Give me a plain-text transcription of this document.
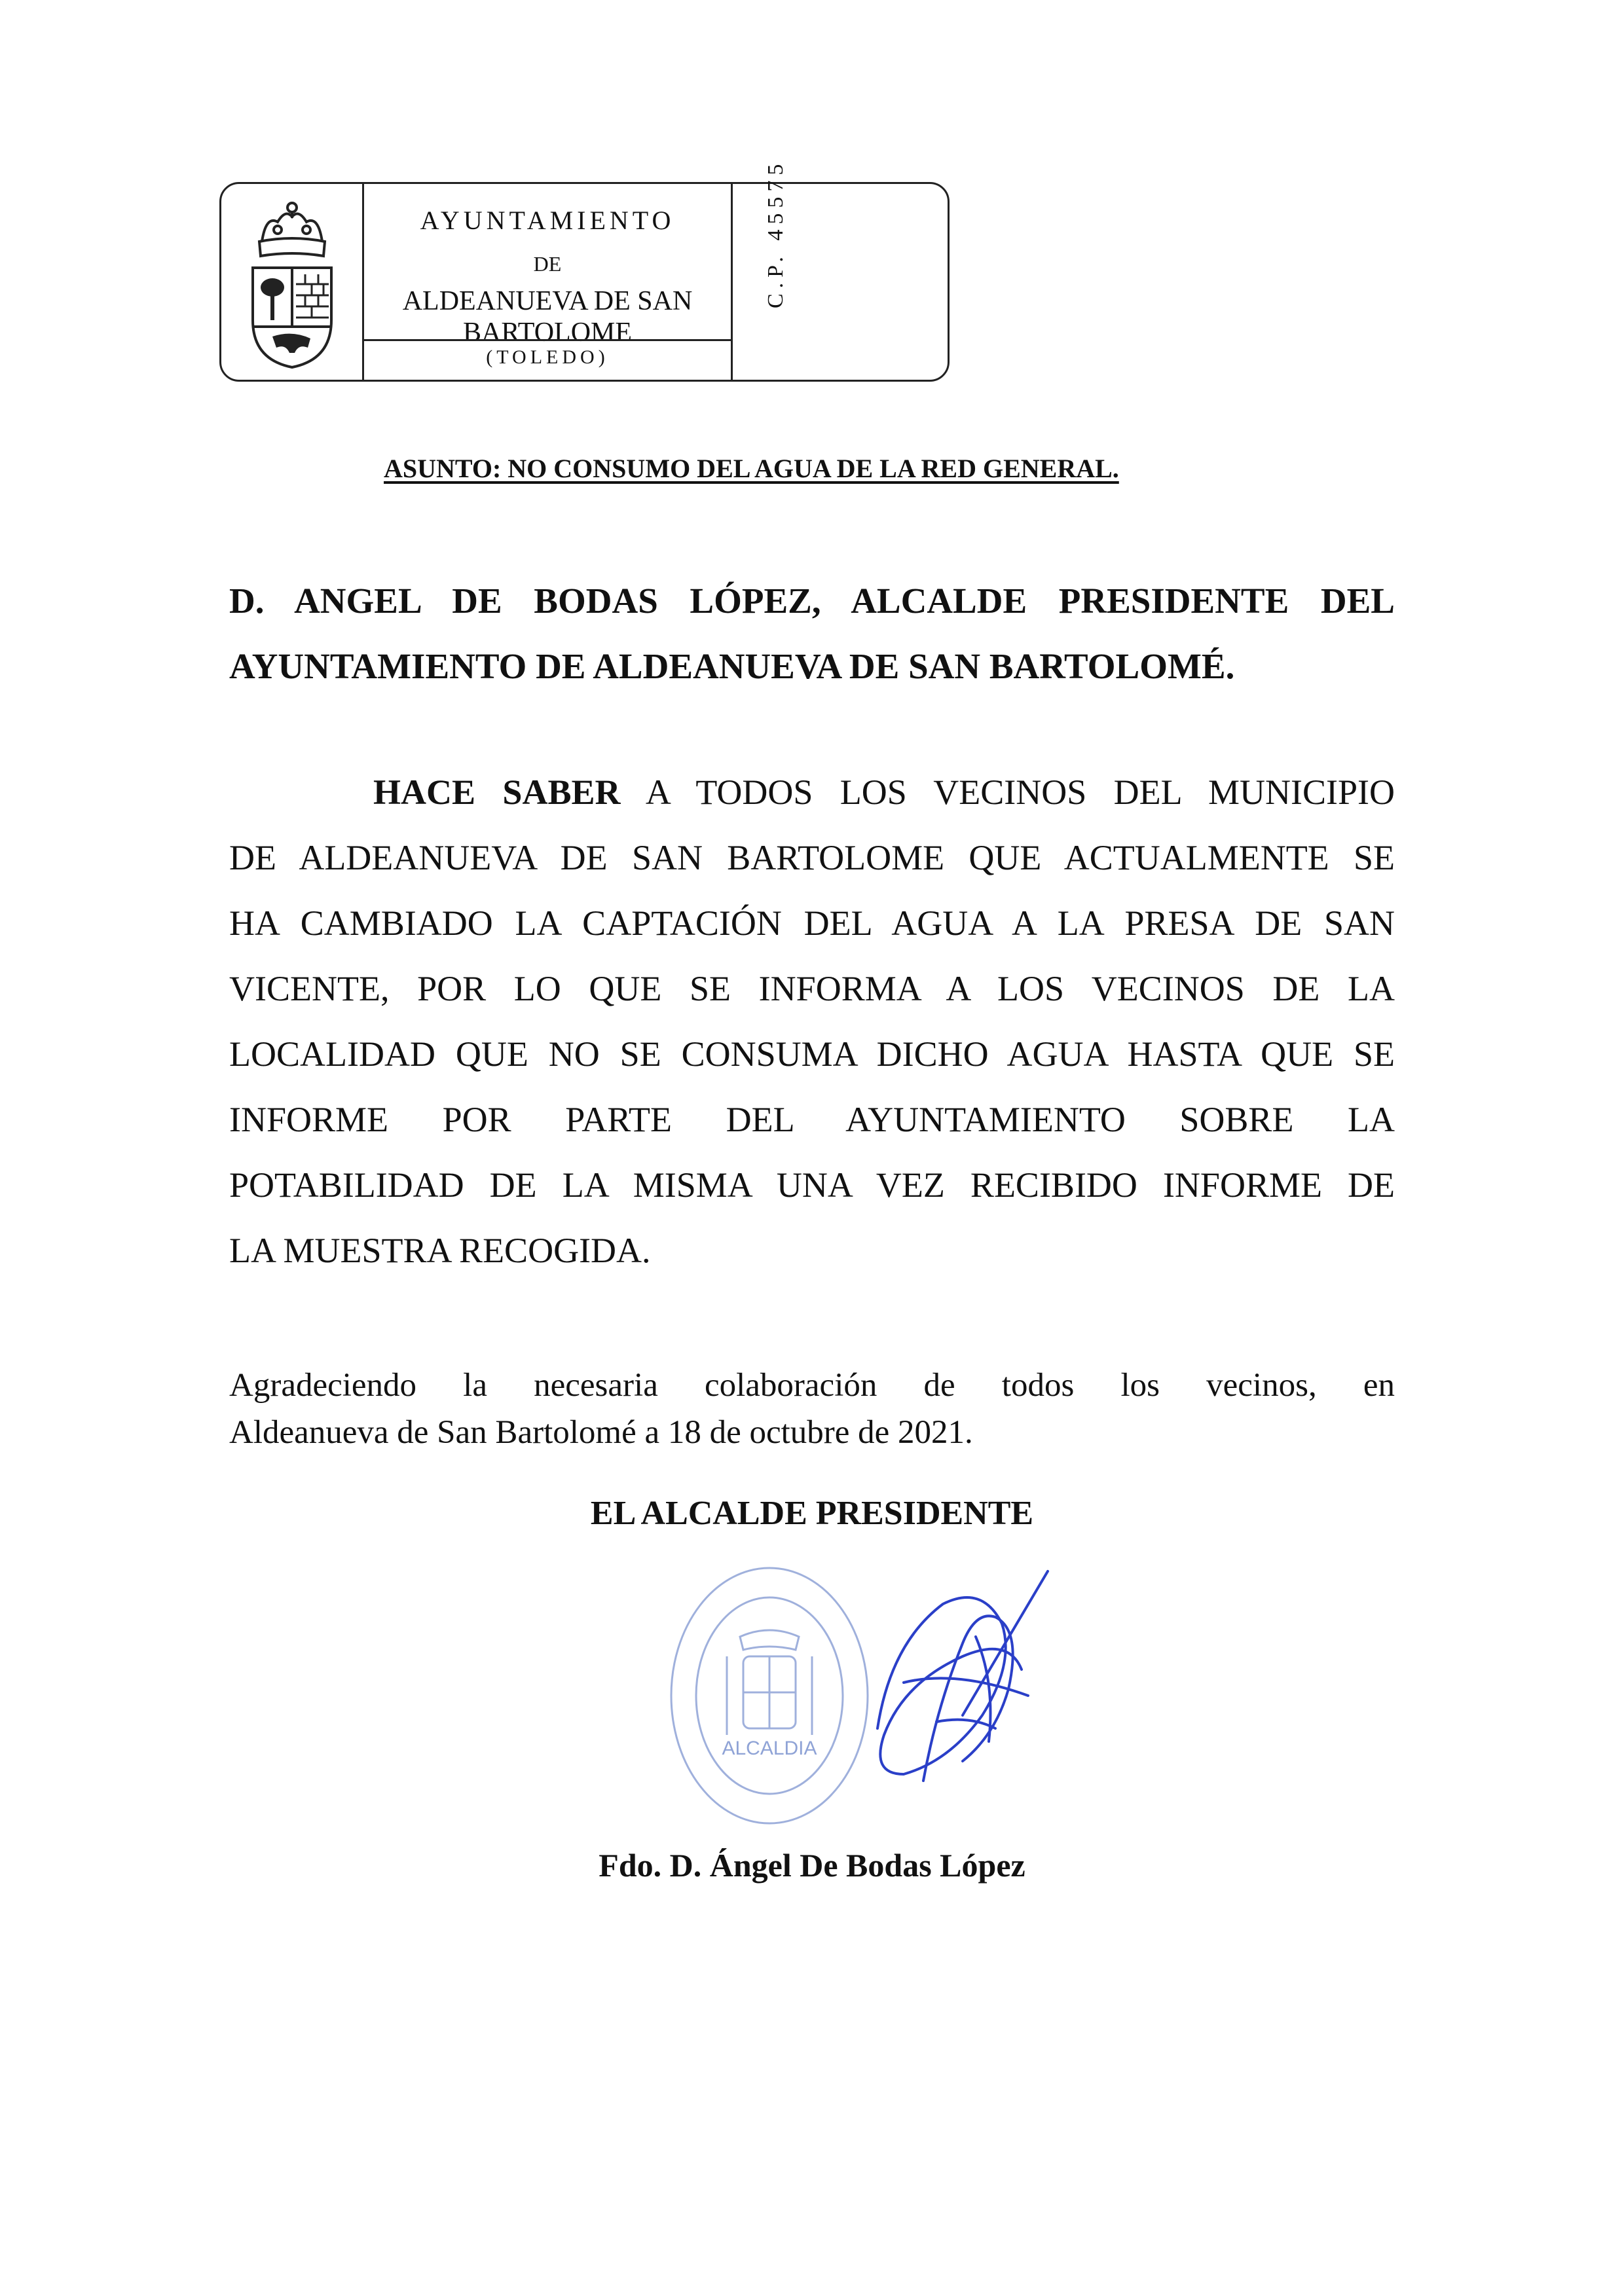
AYUNTAMIENTO
DE
ALDEANUEVA DE SAN BARTOLOME
(TOLEDO)
C.P. 45575
ASUNTO: NO CONSUMO DEL AGUA DE LA RED GENERAL.
D. ANGEL DE BODAS LÓPEZ, ALCALDE PRESIDENTE DEL
AYUNTAMIENTO DE ALDEANUEVA DE SAN BARTOLOMÉ.
HACE SABER A TODOS LOS VECINOS DEL MUNICIPIO
DE ALDEANUEVA DE SAN BARTOLOME QUE ACTUALMENTE SE
HA CAMBIADO LA CAPTACIÓN DEL AGUA A LA PRESA DE SAN
VICENTE, POR LO QUE SE INFORMA A LOS VECINOS DE LA
LOCALIDAD QUE NO SE CONSUMA DICHO AGUA HASTA QUE SE
INFORME POR PARTE DEL AYUNTAMIENTO SOBRE LA
POTABILIDAD DE LA MISMA UNA VEZ RECIBIDO INFORME DE
LA MUESTRA RECOGIDA.
Agradeciendo la necesaria colaboración de todos los vecinos, en
Aldeanueva de San Bartolomé a 18 de octubre de 2021.
EL ALCALDE PRESIDENTE
ALCALDIA
Fdo. D. Ángel De Bodas López
